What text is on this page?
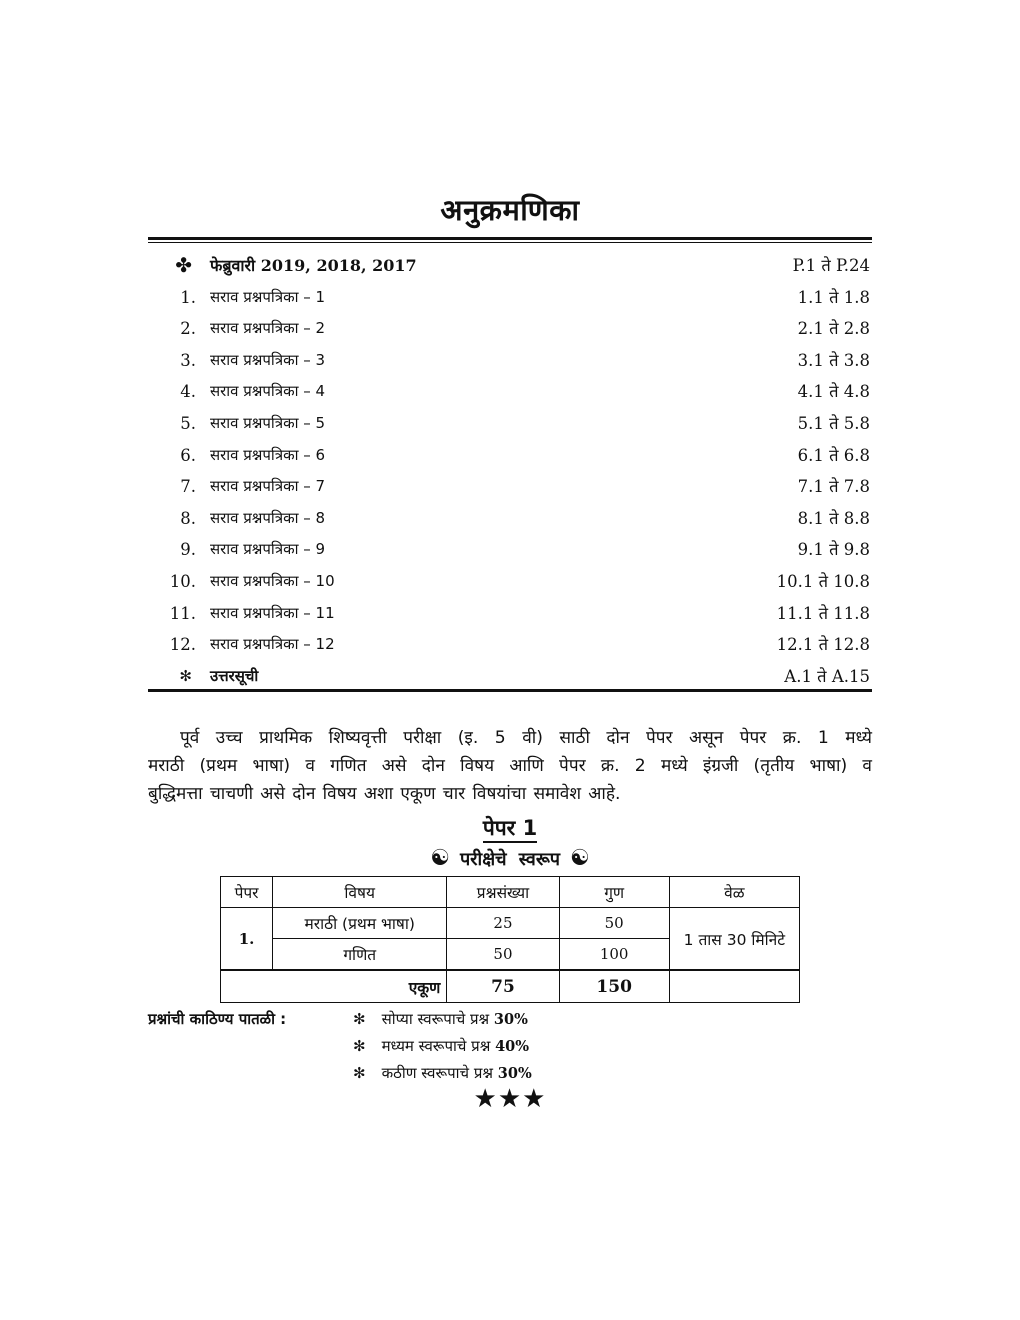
अनुक्रमणिका
✤ फेब्रुवारी 2019, 2018, 2017	P.1 ते P.24
1. सराव प्रश्नपत्रिका – 1	1.1 ते 1.8
2. सराव प्रश्नपत्रिका – 2	2.1 ते 2.8
3. सराव प्रश्नपत्रिका – 3	3.1 ते 3.8
4. सराव प्रश्नपत्रिका – 4	4.1 ते 4.8
5. सराव प्रश्नपत्रिका – 5	5.1 ते 5.8
6. सराव प्रश्नपत्रिका – 6	6.1 ते 6.8
7. सराव प्रश्नपत्रिका – 7	7.1 ते 7.8
8. सराव प्रश्नपत्रिका – 8	8.1 ते 8.8
9. सराव प्रश्नपत्रिका – 9	9.1 ते 9.8
10. सराव प्रश्नपत्रिका – 10	10.1 ते 10.8
11. सराव प्रश्नपत्रिका – 11	11.1 ते 11.8
12. सराव प्रश्नपत्रिका – 12	12.1 ते 12.8
✻ उत्तरसूची	A.1 ते A.15
पूर्व उच्च प्राथमिक शिष्यवृत्ती परीक्षा (इ. 5 वी) साठी दोन पेपर असून पेपर क्र. 1 मध्ये
मराठी (प्रथम भाषा) व गणित असे दोन विषय आणि पेपर क्र. 2 मध्ये इंग्रजी (तृतीय भाषा) व
बुद्धिमत्ता चाचणी असे दोन विषय अशा एकूण चार विषयांचा समावेश आहे.
पेपर 1
☯ परीक्षेचे स्वरूप ☯
पेपर	विषय	प्रश्नसंख्या	गुण	वेळ
1.	मराठी (प्रथम भाषा)	25	50	1 तास 30 मिनिटे
	गणित	50	100	
एकूण		75	150	
प्रश्नांची काठिण्य पातळी :	✻ सोप्या स्वरूपाचे प्रश्न 30%
✻ मध्यम स्वरूपाचे प्रश्न 40%
✻ कठीण स्वरूपाचे प्रश्न 30%
★★★
